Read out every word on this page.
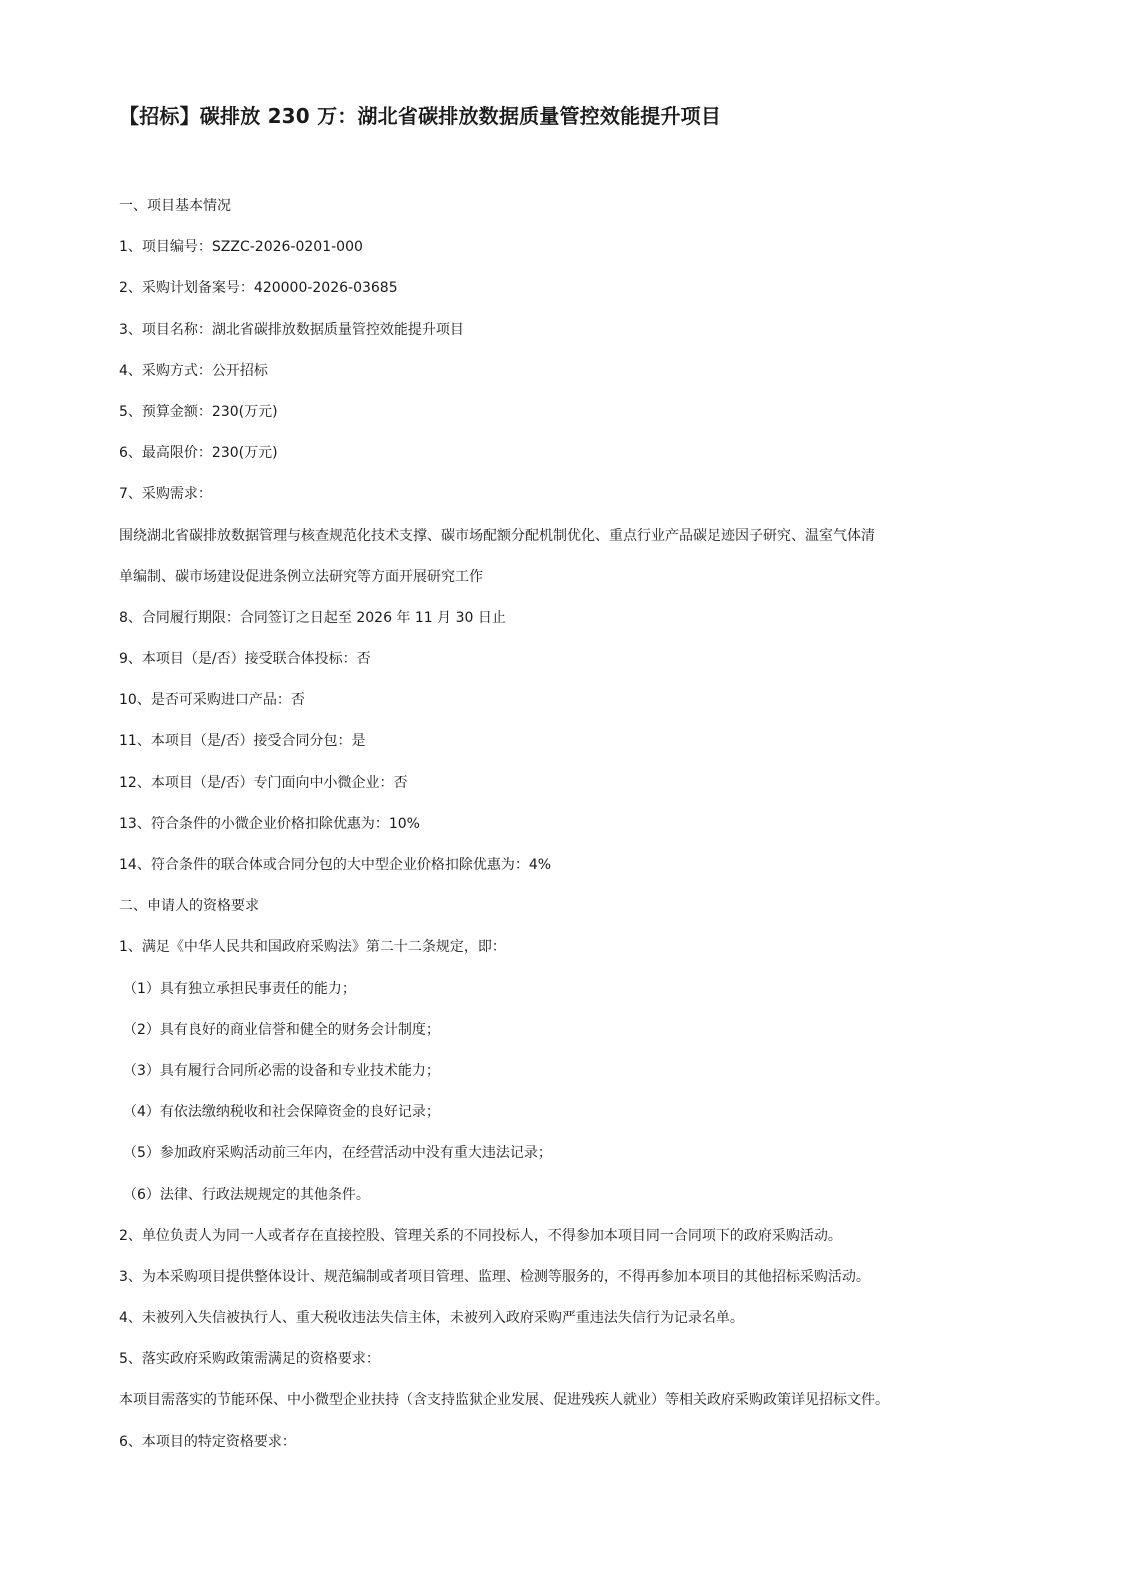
【招标】碳排放 230 万：湖北省碳排放数据质量管控效能提升项目

一、项目基本情况

1、项目编号：SZZC-2026-0201-000

2、采购计划备案号：420000-2026-03685

3、项目名称：湖北省碳排放数据质量管控效能提升项目

4、采购方式：公开招标

5、预算金额：230(万元)

6、最高限价：230(万元)

7、采购需求：

围绕湖北省碳排放数据管理与核查规范化技术支撑、碳市场配额分配机制优化、重点行业产品碳足迹因子研究、温室气体清

单编制、碳市场建设促进条例立法研究等方面开展研究工作

8、合同履行期限：合同签订之日起至 2026 年 11 月 30 日止

9、本项目（是/否）接受联合体投标：否

10、是否可采购进口产品：否

11、本项目（是/否）接受合同分包：是

12、本项目（是/否）专门面向中小微企业：否

13、符合条件的小微企业价格扣除优惠为：10%

14、符合条件的联合体或合同分包的大中型企业价格扣除优惠为：4%

二、申请人的资格要求

1、满足《中华人民共和国政府采购法》第二十二条规定，即：

（1）具有独立承担民事责任的能力；

（2）具有良好的商业信誉和健全的财务会计制度；

（3）具有履行合同所必需的设备和专业技术能力；

（4）有依法缴纳税收和社会保障资金的良好记录；

（5）参加政府采购活动前三年内，在经营活动中没有重大违法记录；

（6）法律、行政法规规定的其他条件。

2、单位负责人为同一人或者存在直接控股、管理关系的不同投标人，不得参加本项目同一合同项下的政府采购活动。

3、为本采购项目提供整体设计、规范编制或者项目管理、监理、检测等服务的，不得再参加本项目的其他招标采购活动。

4、未被列入失信被执行人、重大税收违法失信主体，未被列入政府采购严重违法失信行为记录名单。

5、落实政府采购政策需满足的资格要求：

本项目需落实的节能环保、中小微型企业扶持（含支持监狱企业发展、促进残疾人就业）等相关政府采购政策详见招标文件。

6、本项目的特定资格要求：
